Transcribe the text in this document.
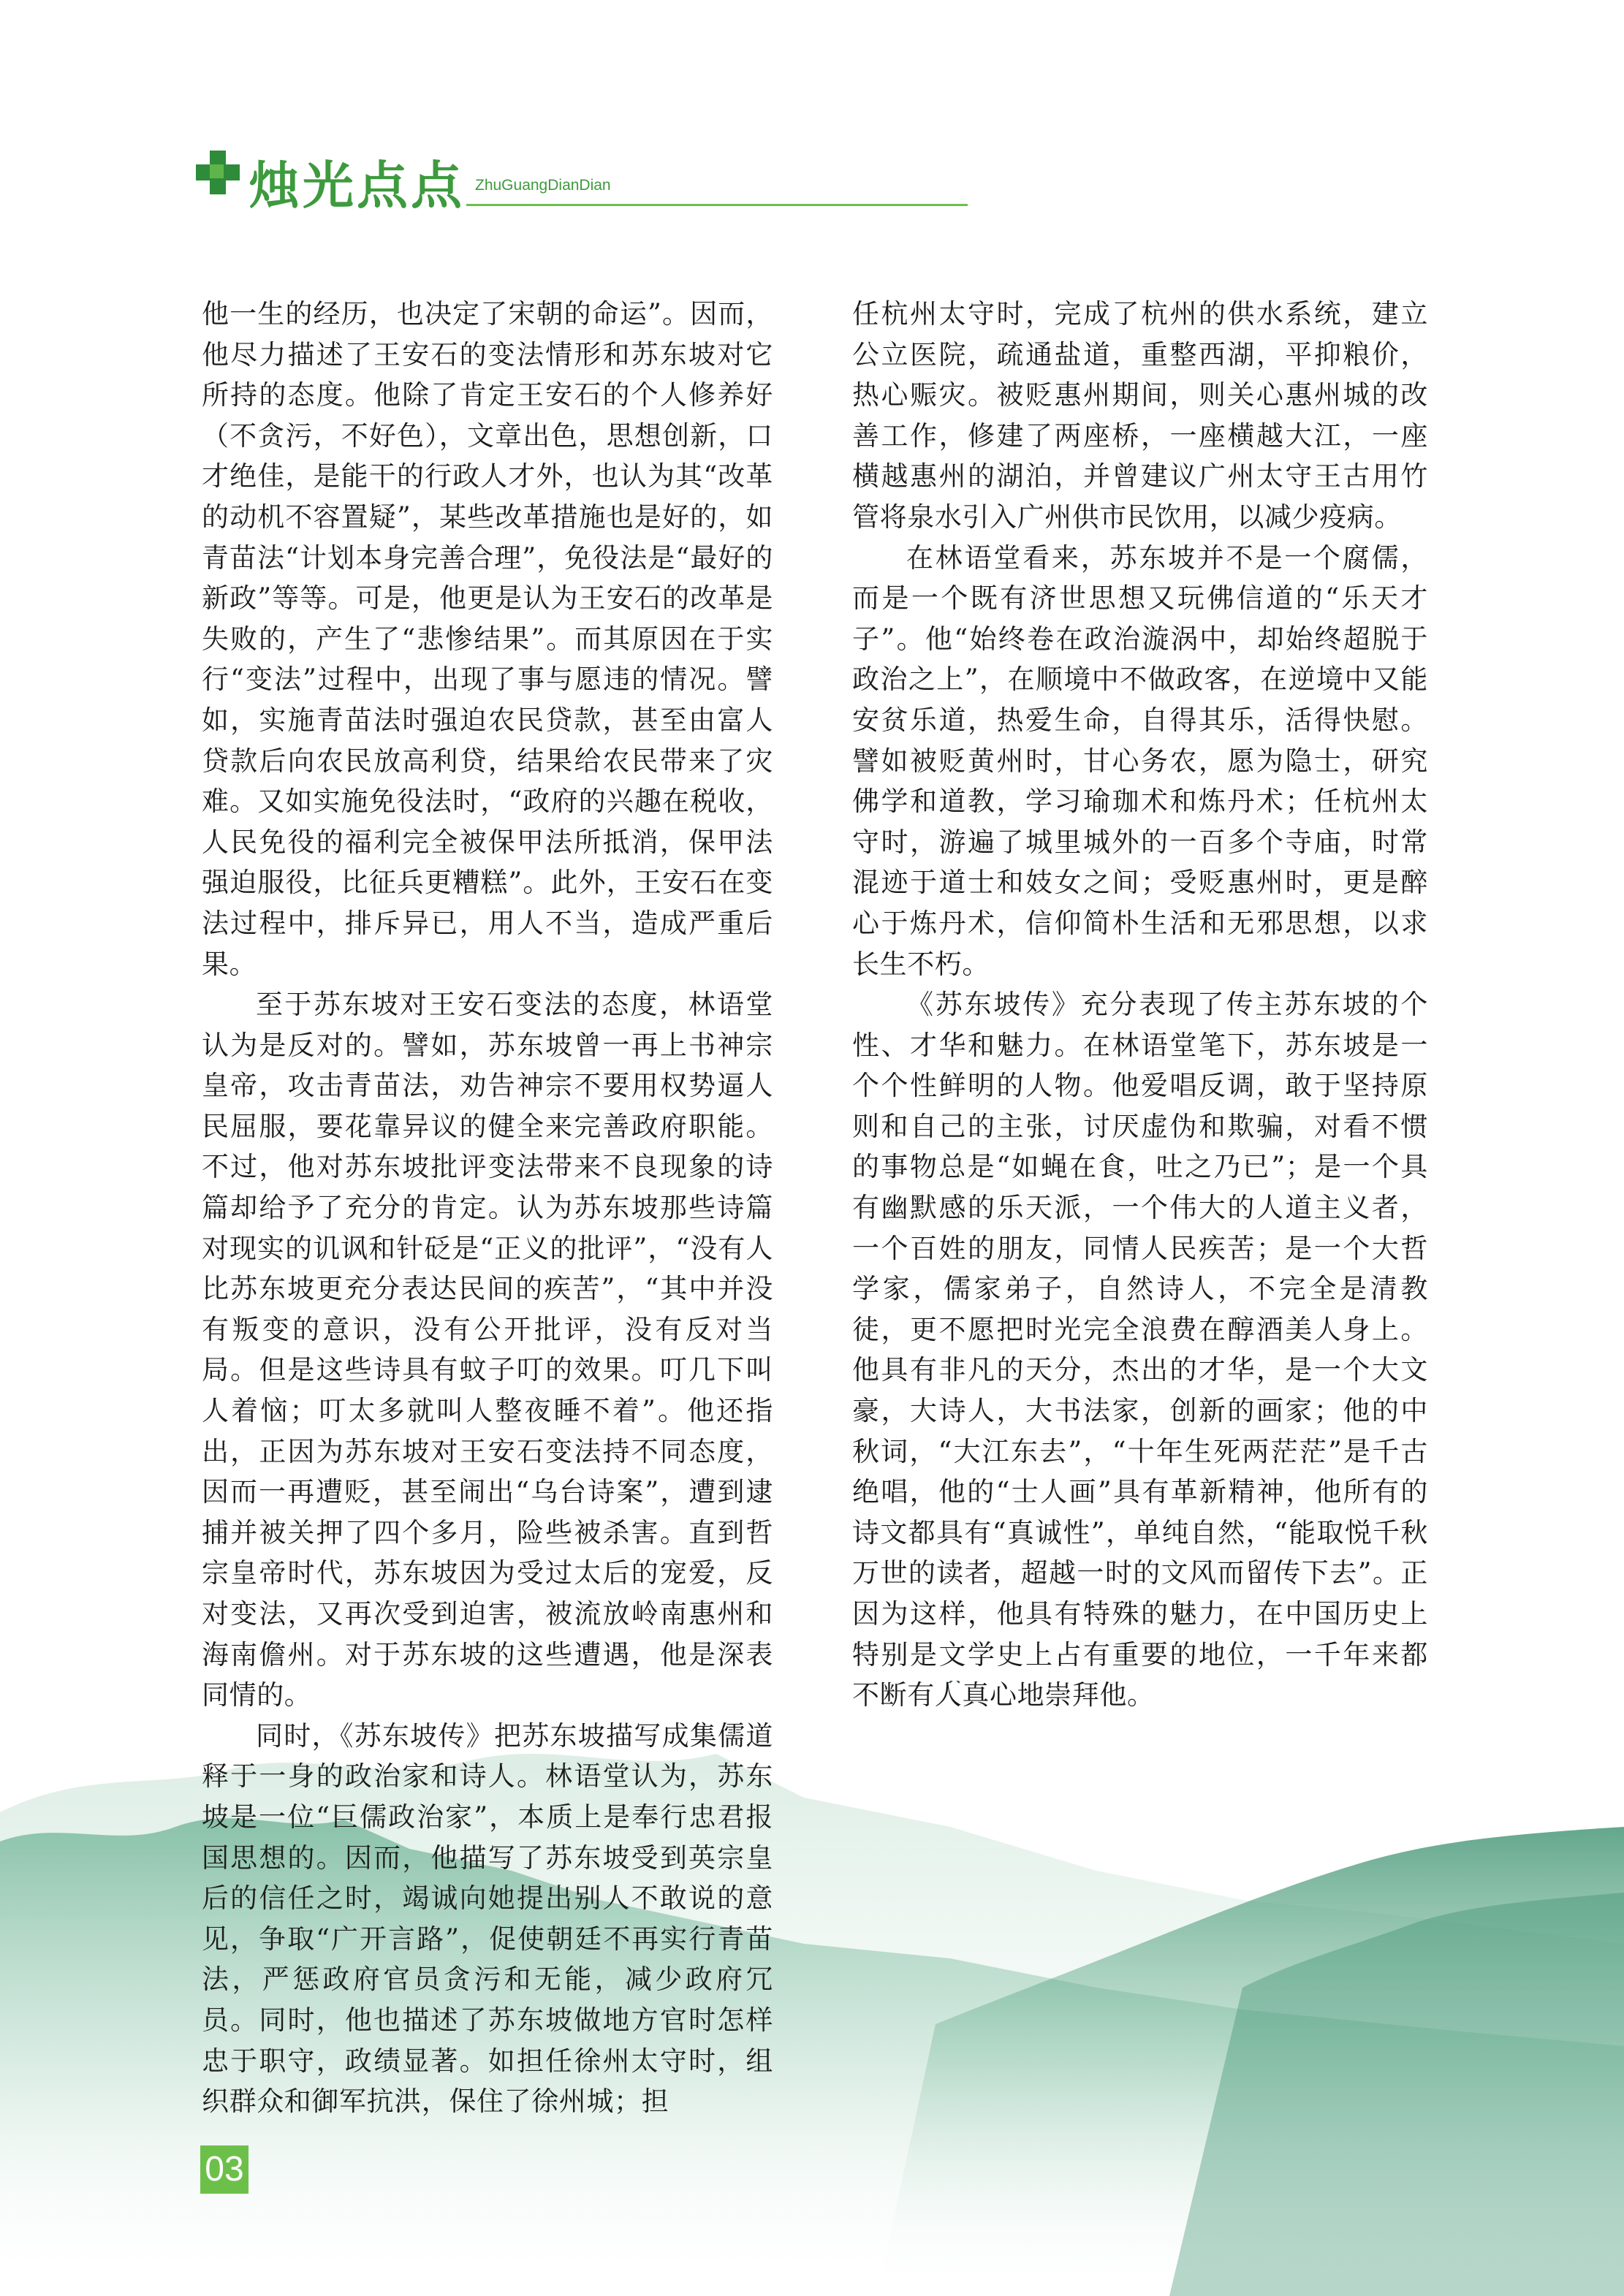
烛光点点 ZhuGuangDianDian

他一生的经历，也决定了宋朝的命运”。因而，他尽力描述了王安石的变法情形和苏东坡对它所持的态度。他除了肯定王安石的个人修养好（不贪污，不好色），文章出色，思想创新，口才绝佳，是能干的行政人才外，也认为其“改革的动机不容置疑”，某些改革措施也是好的，如青苗法“计划本身完善合理”，免役法是“最好的新政”等等。可是，他更是认为王安石的改革是失败的，产生了“悲惨结果”。而其原因在于实行“变法”过程中，出现了事与愿违的情况。譬如，实施青苗法时强迫农民贷款，甚至由富人贷款后向农民放高利贷，结果给农民带来了灾难。又如实施免役法时，“政府的兴趣在税收，人民免役的福利完全被保甲法所抵消，保甲法强迫服役，比征兵更糟糕”。此外，王安石在变法过程中，排斥异已，用人不当，造成严重后果。

至于苏东坡对王安石变法的态度，林语堂认为是反对的。譬如，苏东坡曾一再上书神宗皇帝，攻击青苗法，劝告神宗不要用权势逼人民屈服，要花靠异议的健全来完善政府职能。不过，他对苏东坡批评变法带来不良现象的诗篇却给予了充分的肯定。认为苏东坡那些诗篇对现实的讥讽和针砭是“正义的批评”，“没有人比苏东坡更充分表达民间的疾苦”，“其中并没有叛变的意识，没有公开批评，没有反对当局。但是这些诗具有蚊子叮的效果。叮几下叫人着恼；叮太多就叫人整夜睡不着”。他还指出，正因为苏东坡对王安石变法持不同态度，因而一再遭贬，甚至闹出“乌台诗案”，遭到逮捕并被关押了四个多月，险些被杀害。直到哲宗皇帝时代，苏东坡因为受过太后的宠爱，反对变法，又再次受到迫害，被流放岭南惠州和海南儋州。对于苏东坡的这些遭遇，他是深表同情的。

同时，《苏东坡传》把苏东坡描写成集儒道释于一身的政治家和诗人。林语堂认为，苏东坡是一位“巨儒政治家”，本质上是奉行忠君报国思想的。因而，他描写了苏东坡受到英宗皇后的信任之时，竭诚向她提出别人不敢说的意见，争取“广开言路”，促使朝廷不再实行青苗法，严惩政府官员贪污和无能，减少政府冗员。同时，他也描述了苏东坡做地方官时怎样忠于职守，政绩显著。如担任徐州太守时，组织群众和御军抗洪，保住了徐州城；担

任杭州太守时，完成了杭州的供水系统，建立公立医院，疏通盐道，重整西湖，平抑粮价，热心赈灾。被贬惠州期间，则关心惠州城的改善工作，修建了两座桥，一座横越大江，一座横越惠州的湖泊，并曾建议广州太守王古用竹管将泉水引入广州供市民饮用，以减少疫病。

在林语堂看来，苏东坡并不是一个腐儒，而是一个既有济世思想又玩佛信道的“乐天才子”。他“始终卷在政治漩涡中，却始终超脱于政治之上”，在顺境中不做政客，在逆境中又能安贫乐道，热爱生命，自得其乐，活得快慰。譬如被贬黄州时，甘心务农，愿为隐士，研究佛学和道教，学习瑜珈术和炼丹术；任杭州太守时，游遍了城里城外的一百多个寺庙，时常混迹于道士和妓女之间；受贬惠州时，更是醉心于炼丹术，信仰简朴生活和无邪思想，以求长生不朽。

《苏东坡传》充分表现了传主苏东坡的个性、才华和魅力。在林语堂笔下，苏东坡是一个个性鲜明的人物。他爱唱反调，敢于坚持原则和自己的主张，讨厌虚伪和欺骗，对看不惯的事物总是“如蝇在食，吐之乃已”；是一个具有幽默感的乐天派，一个伟大的人道主义者，一个百姓的朋友，同情人民疾苦；是一个大哲学家，儒家弟子，自然诗人，不完全是清教徒，更不愿把时光完全浪费在醇酒美人身上。他具有非凡的天分，杰出的才华，是一个大文豪，大诗人，大书法家，创新的画家；他的中秋词，“大江东去”，“十年生死两茫茫”是千古绝唱，他的“士人画”具有革新精神，他所有的诗文都具有“真诚性”，单纯自然，“能取悦千秋万世的读者，超越一时的文风而留传下去”。正因为这样，他具有特殊的魅力，在中国历史上特别是文学史上占有重要的地位，一千年来都不断有人真心地崇拜他。

03
